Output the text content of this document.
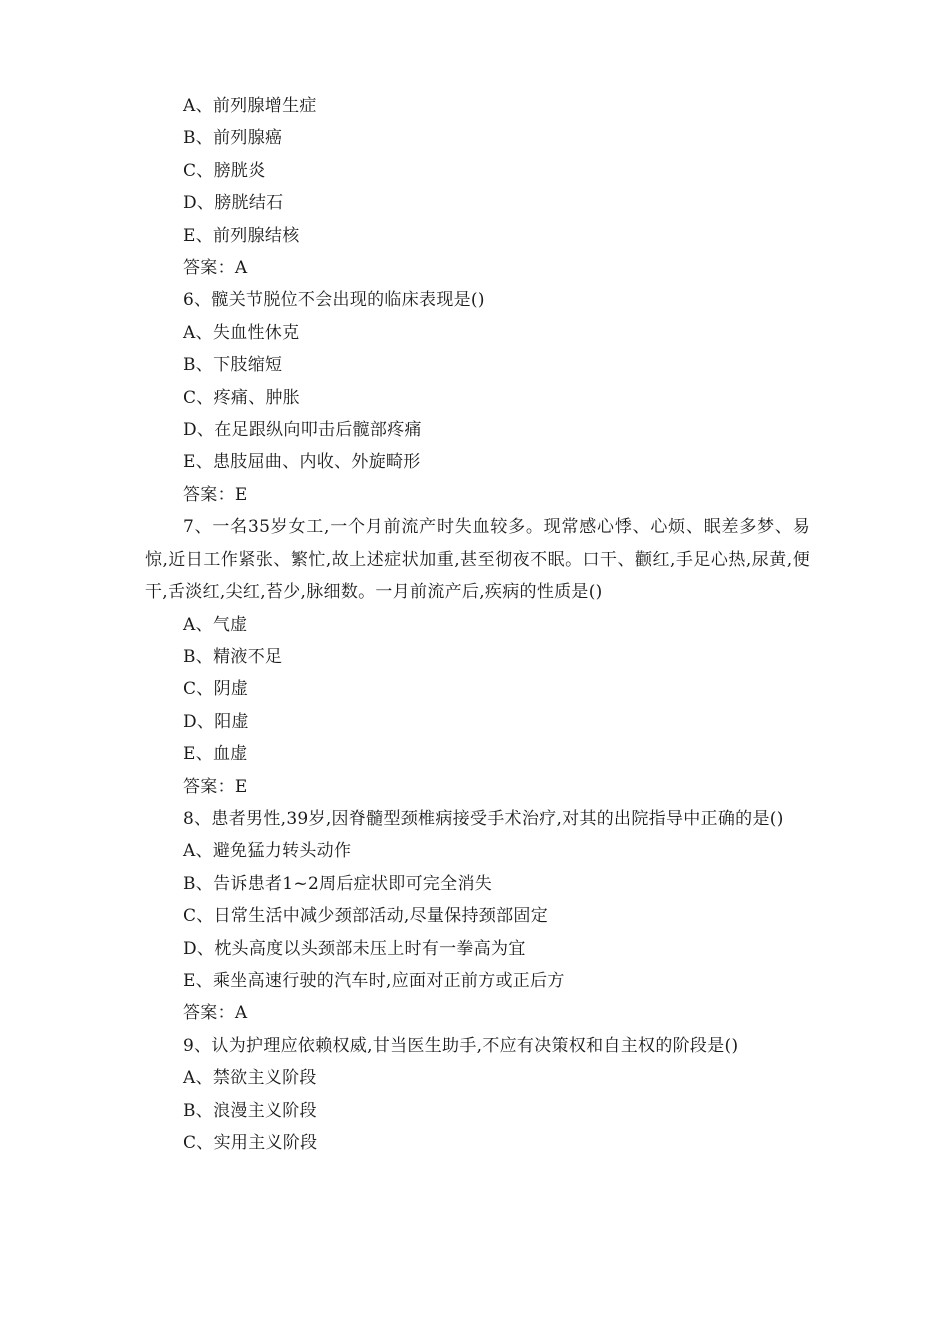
A、前列腺增生症

B、前列腺癌

C、膀胱炎

D、膀胱结石

E、前列腺结核

答案：A

6、髋关节脱位不会出现的临床表现是()

A、失血性休克

B、下肢缩短

C、疼痛、肿胀

D、在足跟纵向叩击后髋部疼痛

E、患肢屈曲、内收、外旋畸形

答案：E

7、一名35岁女工,一个月前流产时失血较多。现常感心悸、心烦、眠差多梦、易惊,近日工作紧张、繁忙,故上述症状加重,甚至彻夜不眠。口干、颧红,手足心热,尿黄,便干,舌淡红,尖红,苔少,脉细数。一月前流产后,疾病的性质是()

A、气虚

B、精液不足

C、阴虚

D、阳虚

E、血虚

答案：E

8、患者男性,39岁,因脊髓型颈椎病接受手术治疗,对其的出院指导中正确的是()

A、避免猛力转头动作

B、告诉患者1~2周后症状即可完全消失

C、日常生活中减少颈部活动,尽量保持颈部固定

D、枕头高度以头颈部未压上时有一拳高为宜

E、乘坐高速行驶的汽车时,应面对正前方或正后方

答案：A

9、认为护理应依赖权威,甘当医生助手,不应有决策权和自主权的阶段是()

A、禁欲主义阶段

B、浪漫主义阶段

C、实用主义阶段
